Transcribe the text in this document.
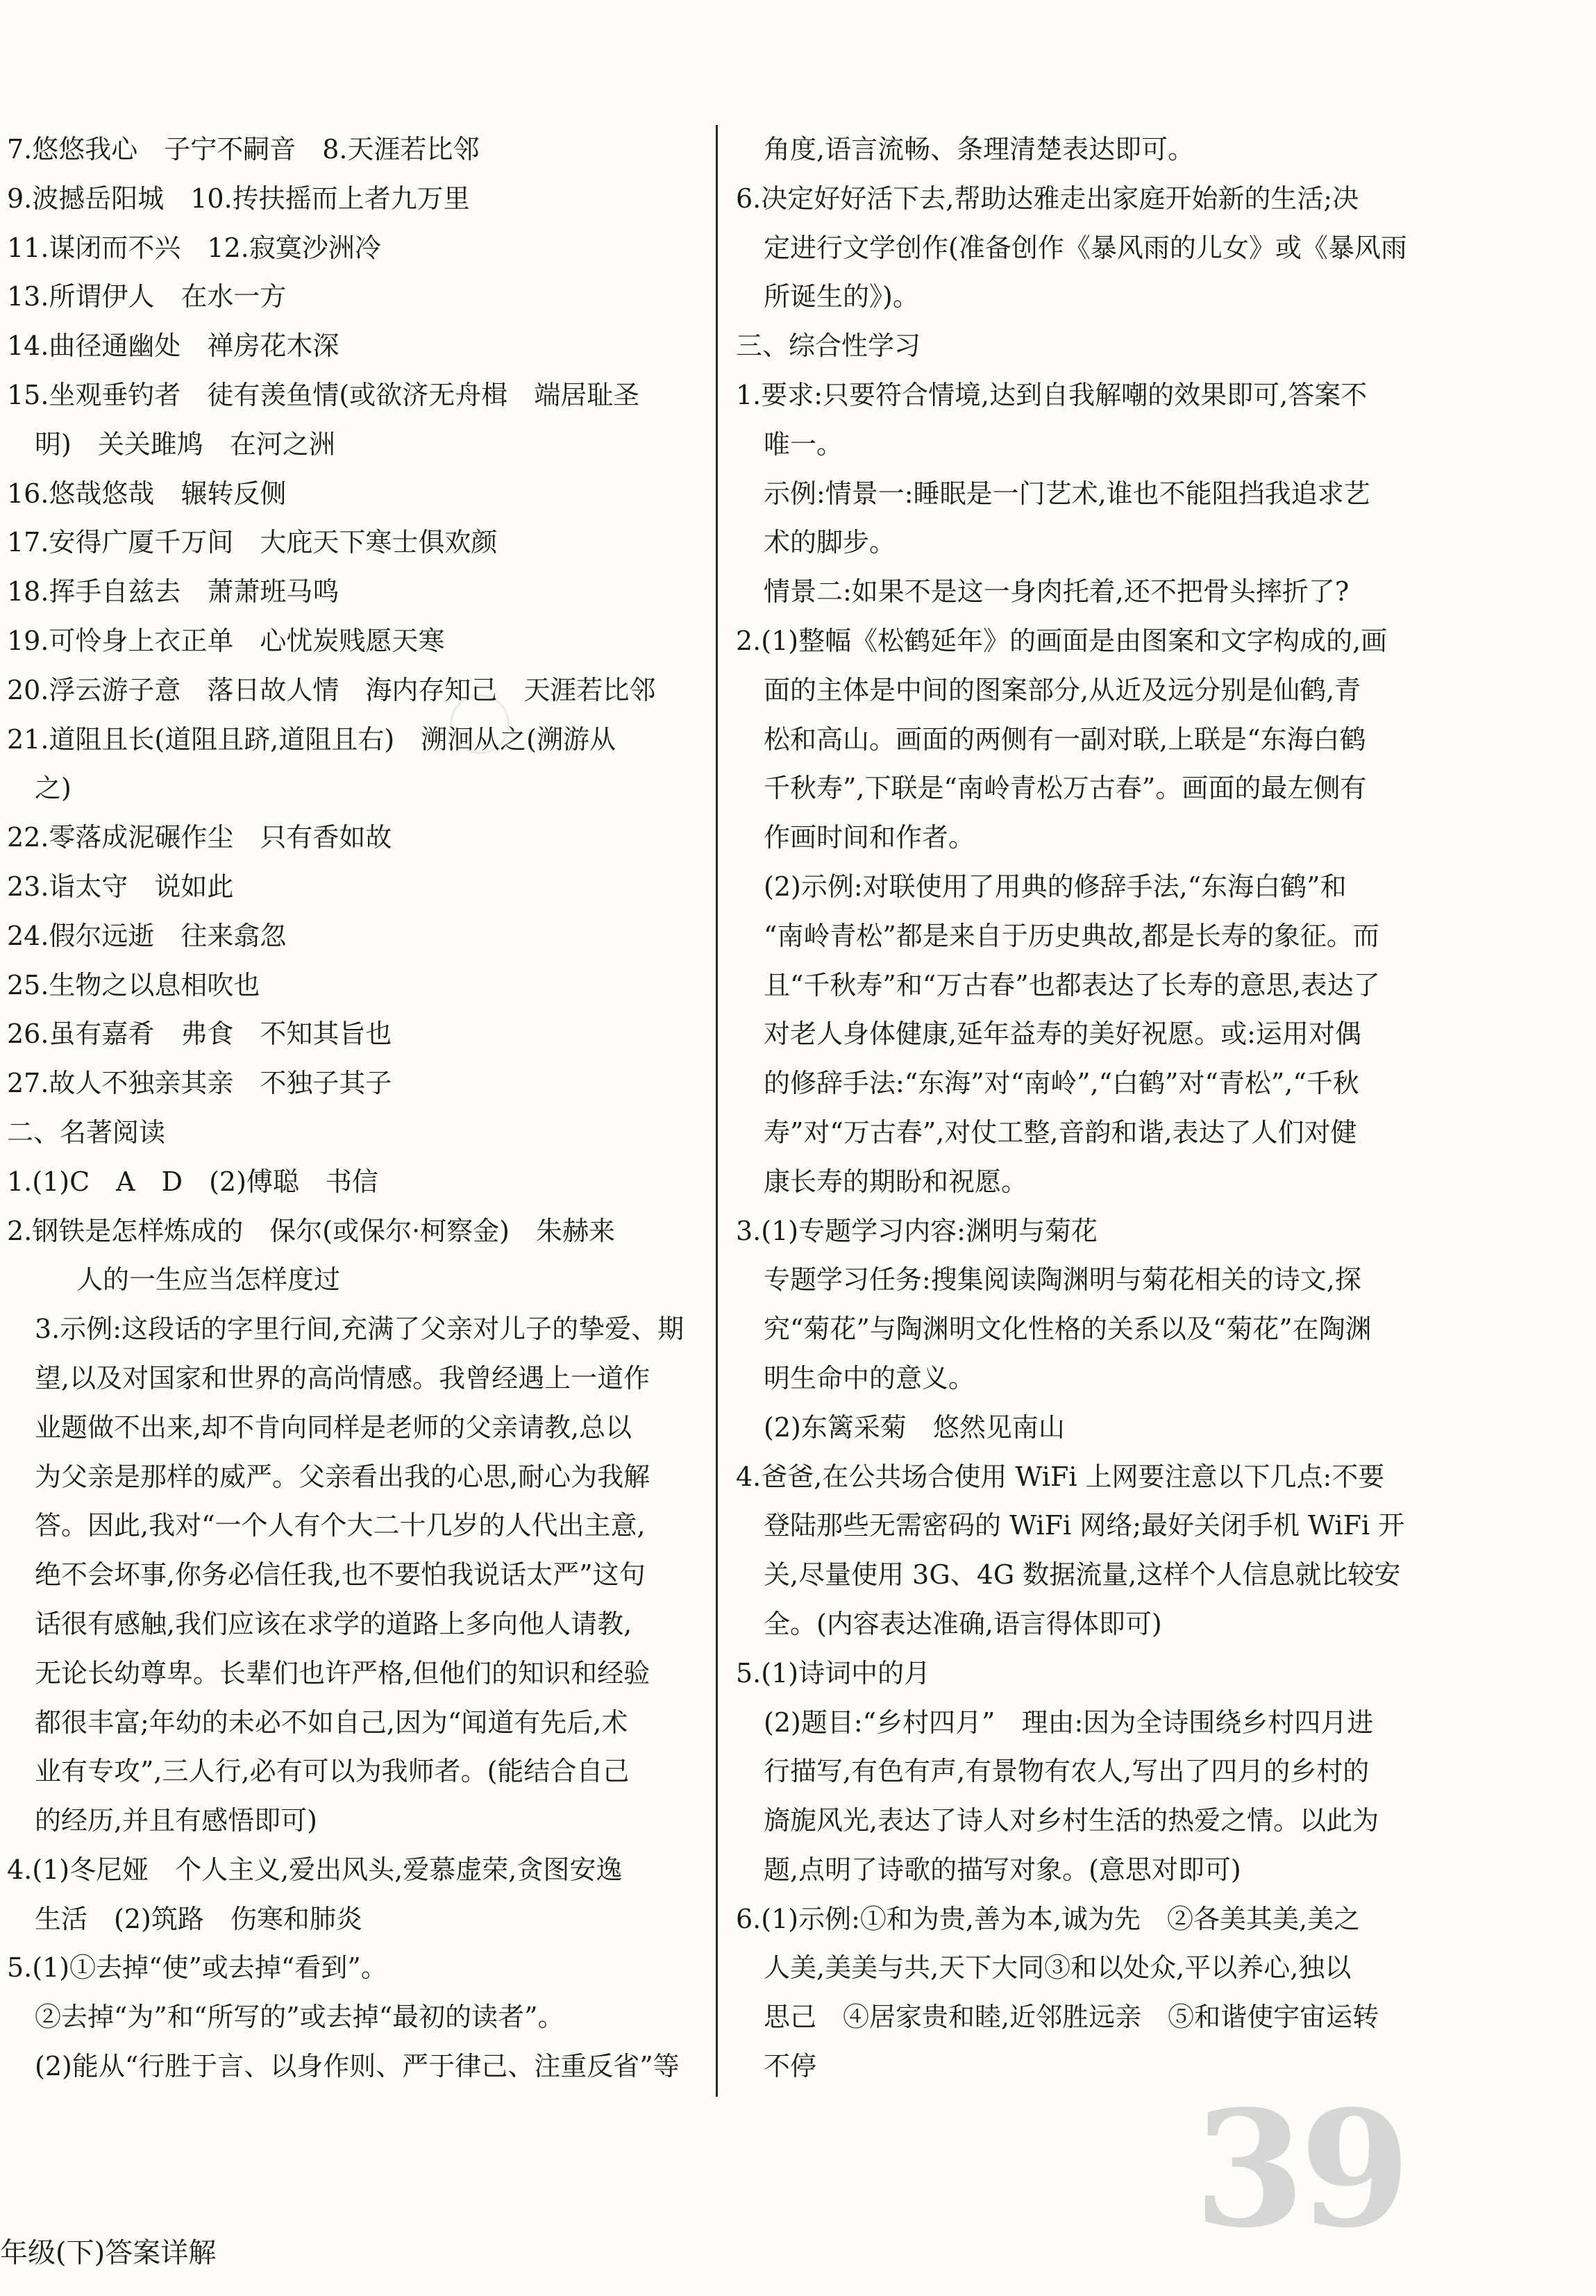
7.悠悠我心　子宁不嗣音　8.天涯若比邻
9.波撼岳阳城　10.抟扶摇而上者九万里
11.谋闭而不兴　12.寂寞沙洲冷
13.所谓伊人　在水一方
14.曲径通幽处　禅房花木深
15.坐观垂钓者　徒有羡鱼情(或欲济无舟楫　端居耻圣
明)　关关雎鸠　在河之洲
16.悠哉悠哉　辗转反侧
17.安得广厦千万间　大庇天下寒士俱欢颜
18.挥手自兹去　萧萧班马鸣
19.可怜身上衣正单　心忧炭贱愿天寒
20.浮云游子意　落日故人情　海内存知己　天涯若比邻
21.道阻且长(道阻且跻,道阻且右)　溯洄从之(溯游从
之)
22.零落成泥碾作尘　只有香如故
23.诣太守　说如此
24.假尔远逝　往来翕忽
25.生物之以息相吹也
26.虽有嘉肴　弗食　不知其旨也
27.故人不独亲其亲　不独子其子
二、名著阅读
1.(1)C　A　D　(2)傅聪　书信
2.钢铁是怎样炼成的　保尔(或保尔·柯察金)　朱赫来
人的一生应当怎样度过
3.示例:这段话的字里行间,充满了父亲对儿子的挚爱、期
望,以及对国家和世界的高尚情感。我曾经遇上一道作
业题做不出来,却不肯向同样是老师的父亲请教,总以
为父亲是那样的威严。父亲看出我的心思,耐心为我解
答。因此,我对“一个人有个大二十几岁的人代出主意,
绝不会坏事,你务必信任我,也不要怕我说话太严”这句
话很有感触,我们应该在求学的道路上多向他人请教,
无论长幼尊卑。长辈们也许严格,但他们的知识和经验
都很丰富;年幼的未必不如自己,因为“闻道有先后,术
业有专攻”,三人行,必有可以为我师者。(能结合自己
的经历,并且有感悟即可)
4.(1)冬尼娅　个人主义,爱出风头,爱慕虚荣,贪图安逸
生活　(2)筑路　伤寒和肺炎
5.(1)①去掉“使”或去掉“看到”。
②去掉“为”和“所写的”或去掉“最初的读者”。
(2)能从“行胜于言、以身作则、严于律己、注重反省”等
角度,语言流畅、条理清楚表达即可。
6.决定好好活下去,帮助达雅走出家庭开始新的生活;决
定进行文学创作(准备创作《暴风雨的儿女》或《暴风雨
所诞生的》)。
三、综合性学习
1.要求:只要符合情境,达到自我解嘲的效果即可,答案不
唯一。
示例:情景一:睡眠是一门艺术,谁也不能阻挡我追求艺
术的脚步。
情景二:如果不是这一身肉托着,还不把骨头摔折了?
2.(1)整幅《松鹤延年》的画面是由图案和文字构成的,画
面的主体是中间的图案部分,从近及远分别是仙鹤,青
松和高山。画面的两侧有一副对联,上联是“东海白鹤
千秋寿”,下联是“南岭青松万古春”。画面的最左侧有
作画时间和作者。
(2)示例:对联使用了用典的修辞手法,“东海白鹤”和
“南岭青松”都是来自于历史典故,都是长寿的象征。而
且“千秋寿”和“万古春”也都表达了长寿的意思,表达了
对老人身体健康,延年益寿的美好祝愿。或:运用对偶
的修辞手法:“东海”对“南岭”,“白鹤”对“青松”,“千秋
寿”对“万古春”,对仗工整,音韵和谐,表达了人们对健
康长寿的期盼和祝愿。
3.(1)专题学习内容:渊明与菊花
专题学习任务:搜集阅读陶渊明与菊花相关的诗文,探
究“菊花”与陶渊明文化性格的关系以及“菊花”在陶渊
明生命中的意义。
(2)东篱采菊　悠然见南山
4.爸爸,在公共场合使用 WiFi 上网要注意以下几点:不要
登陆那些无需密码的 WiFi 网络;最好关闭手机 WiFi 开
关,尽量使用 3G、4G 数据流量,这样个人信息就比较安
全。(内容表达准确,语言得体即可)
5.(1)诗词中的月
(2)题目:“乡村四月”　理由:因为全诗围绕乡村四月进
行描写,有色有声,有景物有农人,写出了四月的乡村的
旖旎风光,表达了诗人对乡村生活的热爱之情。以此为
题,点明了诗歌的描写对象。(意思对即可)
6.(1)示例:①和为贵,善为本,诚为先　②各美其美,美之
人美,美美与共,天下大同③和以处众,平以养心,独以
思己　④居家贵和睦,近邻胜远亲　⑤和谐使宇宙运转
不停
年级(下)答案详解	39
